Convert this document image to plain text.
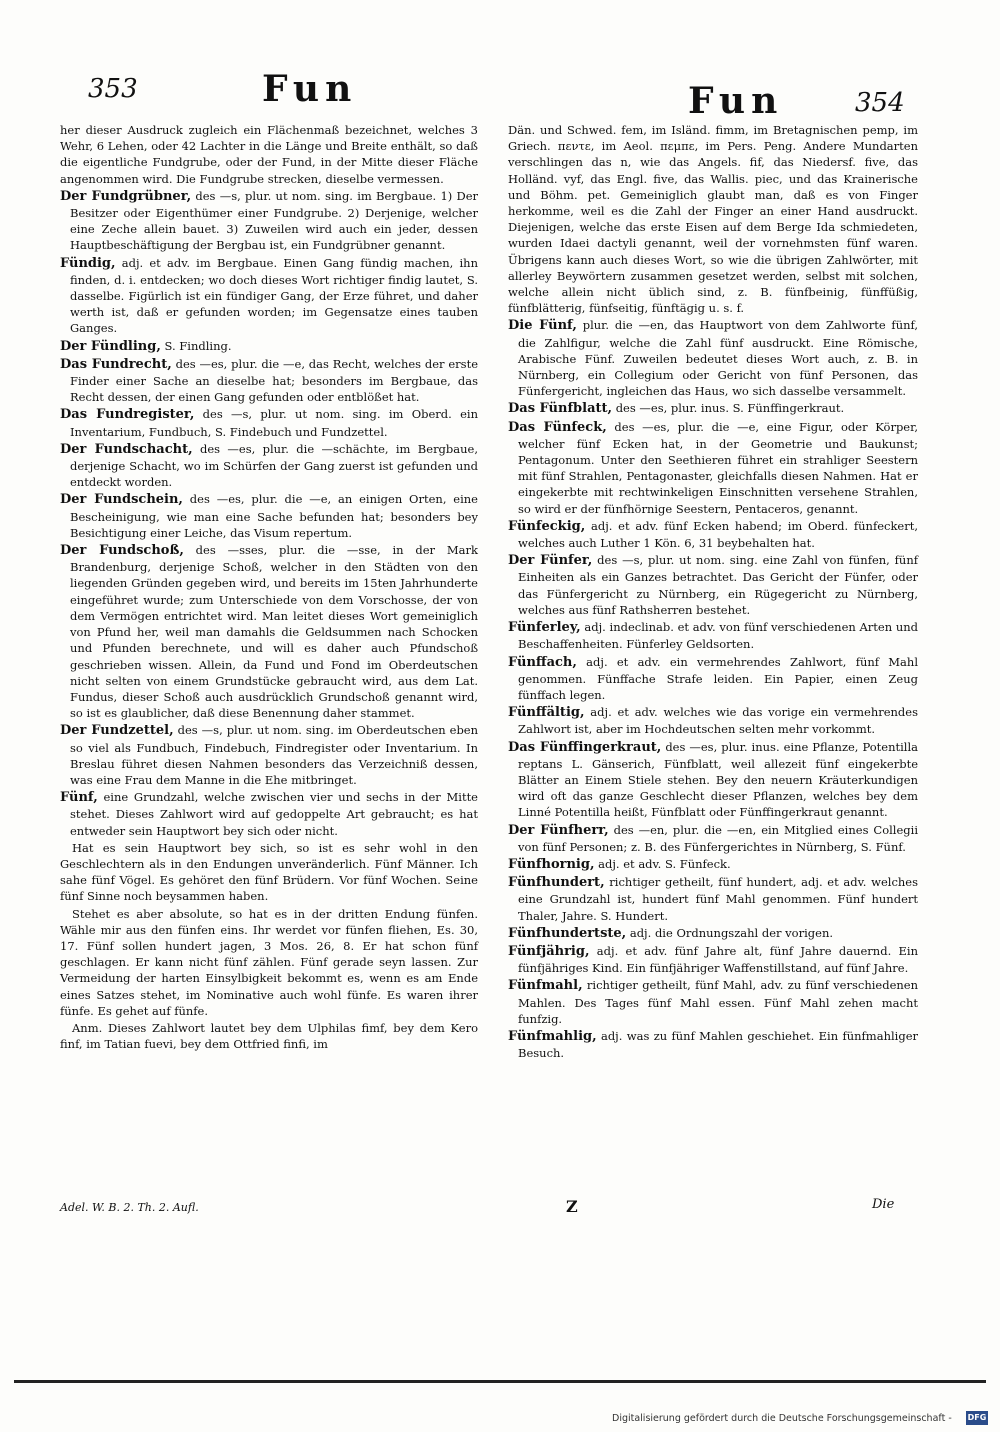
353	Fun	Fun	354

her dieser Ausdruck zugleich ein Flächenmaß bezeichnet, welches 3 Wehr, 6 Lehen, oder 42 Lachter in die Länge und Breite enthält, so daß die eigentliche Fundgrube, oder der Fund, in der Mitte dieser Fläche angenommen wird. Die Fundgrube strecken, dieselbe vermessen.

Der Fundgrübner, des —s, plur. ut nom. sing. im Bergbaue. 1) Der Besitzer oder Eigenthümer einer Fundgrube. 2) Derjenige, welcher eine Zeche allein bauet. 3) Zuweilen wird auch ein jeder, dessen Hauptbeschäftigung der Bergbau ist, ein Fundgrübner genannt.

Fündig, adj. et adv. im Bergbaue. Einen Gang fündig machen, ihn finden, d. i. entdecken; wo doch dieses Wort richtiger findig lautet, S. dasselbe. Figürlich ist ein fündiger Gang, der Erze führet, und daher werth ist, daß er gefunden worden; im Gegensatze eines tauben Ganges.

Der Fündling, S. Findling.

Das Fundrecht, des —es, plur. die —e, das Recht, welches der erste Finder einer Sache an dieselbe hat; besonders im Bergbaue, das Recht dessen, der einen Gang gefunden oder entblößet hat.

Das Fundregister, des —s, plur. ut nom. sing. im Oberd. ein Inventarium, Fundbuch, S. Findebuch und Fundzettel.

Der Fundschacht, des —es, plur. die —schächte, im Bergbaue, derjenige Schacht, wo im Schürfen der Gang zuerst ist gefunden und entdeckt worden.

Der Fundschein, des —es, plur. die —e, an einigen Orten, eine Bescheinigung, wie man eine Sache befunden hat; besonders bey Besichtigung einer Leiche, das Visum repertum.

Der Fundschoß, des —sses, plur. die —sse, in der Mark Brandenburg, derjenige Schoß, welcher in den Städten von den liegenden Gründen gegeben wird, und bereits im 15ten Jahrhunderte eingeführet wurde; zum Unterschiede von dem Vorschosse, der von dem Vermögen entrichtet wird. Man leitet dieses Wort gemeiniglich von Pfund her, weil man damahls die Geldsummen nach Schocken und Pfunden berechnete, und will es daher auch Pfundschoß geschrieben wissen. Allein, da Fund und Fond im Oberdeutschen nicht selten von einem Grundstücke gebraucht wird, aus dem Lat. Fundus, dieser Schoß auch ausdrücklich Grundschoß genannt wird, so ist es glaublicher, daß diese Benennung daher stammet.

Der Fundzettel, des —s, plur. ut nom. sing. im Oberdeutschen eben so viel als Fundbuch, Findebuch, Findregister oder Inventarium. In Breslau führet diesen Nahmen besonders das Verzeichniß dessen, was eine Frau dem Manne in die Ehe mitbringet.

Fünf, eine Grundzahl, welche zwischen vier und sechs in der Mitte stehet. Dieses Zahlwort wird auf gedoppelte Art gebraucht; es hat entweder sein Hauptwort bey sich oder nicht.

Hat es sein Hauptwort bey sich, so ist es sehr wohl in den Geschlechtern als in den Endungen unveränderlich. Fünf Männer. Ich sahe fünf Vögel. Es gehöret den fünf Brüdern. Vor fünf Wochen. Seine fünf Sinne noch beysammen haben.

Stehet es aber absolute, so hat es in der dritten Endung fünfen. Wähle mir aus den fünfen eins. Ihr werdet vor fünfen fliehen, Es. 30, 17. Fünf sollen hundert jagen, 3 Mos. 26, 8. Er hat schon fünf geschlagen. Er kann nicht fünf zählen. Fünf gerade seyn lassen. Zur Vermeidung der harten Einsylbigkeit bekommt es, wenn es am Ende eines Satzes stehet, im Nominative auch wohl fünfe. Es waren ihrer fünfe. Es gehet auf fünfe.

Anm. Dieses Zahlwort lautet bey dem Ulphilas fimf, bey dem Kero finf, im Tatian fuevi, bey dem Ottfried finfi, im

Dän. und Schwed. fem, im Isländ. fimm, im Bretagnischen pemp, im Griech. πεντε, im Aeol. πεμπε, im Pers. Peng. Andere Mundarten verschlingen das n, wie das Angels. fif, das Niedersf. five, das Holländ. vyf, das Engl. five, das Wallis. piec, und das Krainerische und Böhm. pet. Gemeiniglich glaubt man, daß es von Finger herkomme, weil es die Zahl der Finger an einer Hand ausdruckt. Diejenigen, welche das erste Eisen auf dem Berge Ida schmiedeten, wurden Idaei dactyli genannt, weil der vornehmsten fünf waren. Übrigens kann auch dieses Wort, so wie die übrigen Zahlwörter, mit allerley Beywörtern zusammen gesetzet werden, selbst mit solchen, welche allein nicht üblich sind, z. B. fünfbeinig, fünffüßig, fünfblätterig, fünfseitig, fünftägig u. s. f.

Die Fünf, plur. die —en, das Hauptwort von dem Zahlworte fünf, die Zahlfigur, welche die Zahl fünf ausdruckt. Eine Römische, Arabische Fünf. Zuweilen bedeutet dieses Wort auch, z. B. in Nürnberg, ein Collegium oder Gericht von fünf Personen, das Fünfergericht, ingleichen das Haus, wo sich dasselbe versammelt.

Das Fünfblatt, des —es, plur. inus. S. Fünffingerkraut.

Das Fünfeck, des —es, plur. die —e, eine Figur, oder Körper, welcher fünf Ecken hat, in der Geometrie und Baukunst; Pentagonum. Unter den Seethieren führet ein strahliger Seestern mit fünf Strahlen, Pentagonaster, gleichfalls diesen Nahmen. Hat er eingekerbte mit rechtwinkeligen Einschnitten versehene Strahlen, so wird er der fünfhörnige Seestern, Pentaceros, genannt.

Fünfeckig, adj. et adv. fünf Ecken habend; im Oberd. fünfeckert, welches auch Luther 1 Kön. 6, 31 beybehalten hat.

Der Fünfer, des —s, plur. ut nom. sing. eine Zahl von fünfen, fünf Einheiten als ein Ganzes betrachtet. Das Gericht der Fünfer, oder das Fünfergericht zu Nürnberg, ein Rügegericht zu Nürnberg, welches aus fünf Rathsherren bestehet.

Fünferley, adj. indeclinab. et adv. von fünf verschiedenen Arten und Beschaffenheiten. Fünferley Geldsorten.

Fünffach, adj. et adv. ein vermehrendes Zahlwort, fünf Mahl genommen. Fünffache Strafe leiden. Ein Papier, einen Zeug fünffach legen.

Fünffältig, adj. et adv. welches wie das vorige ein vermehrendes Zahlwort ist, aber im Hochdeutschen selten mehr vorkommt.

Das Fünffingerkraut, des —es, plur. inus. eine Pflanze, Potentilla reptans L. Gänserich, Fünfblatt, weil allezeit fünf eingekerbte Blätter an Einem Stiele stehen. Bey den neuern Kräuterkundigen wird oft das ganze Geschlecht dieser Pflanzen, welches bey dem Linné Potentilla heißt, Fünfblatt oder Fünffingerkraut genannt.

Der Fünfherr, des —en, plur. die —en, ein Mitglied eines Collegii von fünf Personen; z. B. des Fünfergerichtes in Nürnberg, S. Fünf.

Fünfhornig, adj. et adv. S. Fünfeck.

Fünfhundert, richtiger getheilt, fünf hundert, adj. et adv. welches eine Grundzahl ist, hundert fünf Mahl genommen. Fünf hundert Thaler, Jahre. S. Hundert.

Fünfhundertste, adj. die Ordnungszahl der vorigen.

Fünfjährig, adj. et adv. fünf Jahre alt, fünf Jahre dauernd. Ein fünfjähriges Kind. Ein fünfjähriger Waffenstillstand, auf fünf Jahre.

Fünfmahl, richtiger getheilt, fünf Mahl, adv. zu fünf verschiedenen Mahlen. Des Tages fünf Mahl essen. Fünf Mahl zehen macht funfzig.

Fünfmahlig, adj. was zu fünf Mahlen geschiehet. Ein fünfmahliger Besuch.

Adel. W. B. 2. Th. 2. Aufl.	Z	Die
Digitalisierung gefördert durch die Deutsche Forschungsgemeinschaft - DFG
